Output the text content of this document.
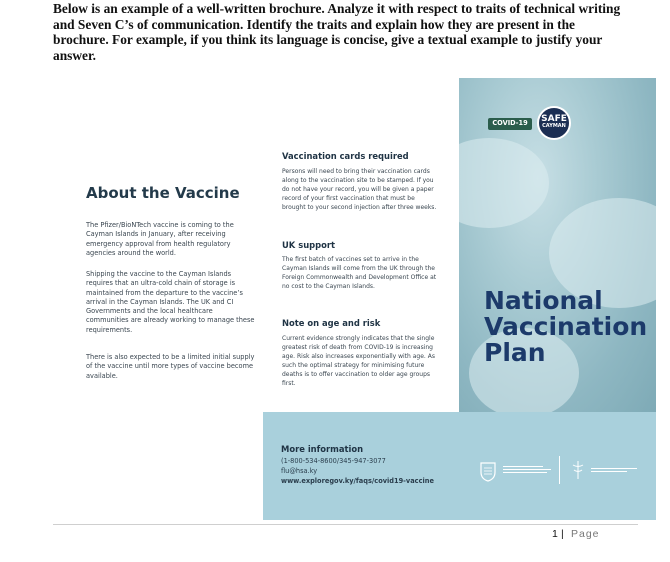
Below is an example of a well-written brochure. Analyze it with respect to traits of technical writing and Seven C’s of communication. Identify the traits and explain how they are present in the brochure. For example, if you think its language is concise, give a textual example to justify your answer.

About the Vaccine

The Pfizer/BioNTech vaccine is coming to the Cayman Islands in January, after receiving emergency approval from health regulatory agencies around the world.

Shipping the vaccine to the Cayman Islands requires that an ultra-cold chain of storage is maintained from the departure to the vaccine’s arrival in the Cayman Islands. The UK and CI Governments and the local healthcare communities are already working to manage these requirements.

There is also expected to be a limited initial supply of the vaccine until more types of vaccine become available.

Vaccination cards required

Persons will need to bring their vaccination cards along to the vaccination site to be stamped. If you do not have your record, you will be given a paper record of your first vaccination that must be brought to your second injection after three weeks.

UK support

The first batch of vaccines set to arrive in the Cayman Islands will come from the UK through the Foreign Commonwealth and Development Office at no cost to the Cayman Islands.

Note on age and risk

Current evidence strongly indicates that the single greatest risk of death from COVID-19 is increasing age. Risk also increases exponentially with age. As such the optimal strategy for minimising future deaths is to offer vaccination to older age groups first.

COVID-19	SAFE
CAYMAN
National
Vaccination
Plan
More information

(1-800-534-8600/345-947-3077

flu@hsa.ky

www.exploregov.ky/faqs/covid19-vaccine

1 | Page
